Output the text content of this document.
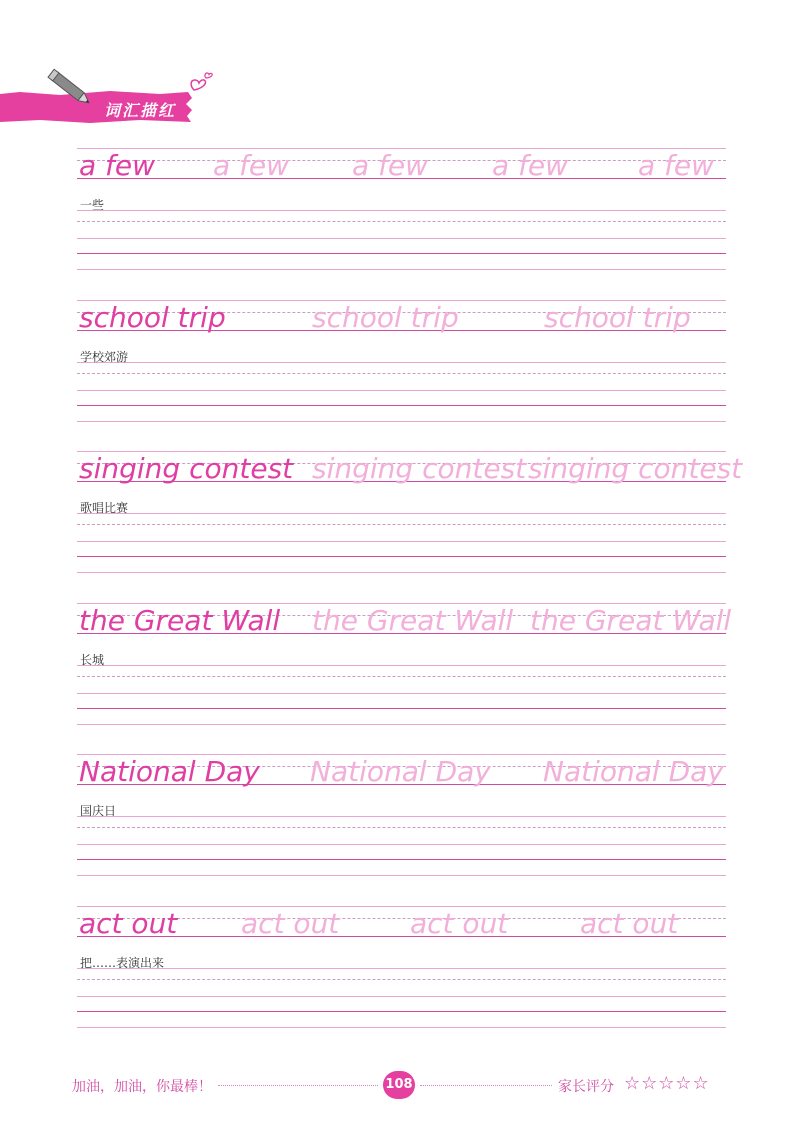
词汇描红
a few a few a few a few a few
一些
school trip	school trip	school trip
学校郊游
singing contest singing contest singing contest
歌唱比赛
the Great Wall the Great Wall the Great Wall
长城
National Day National Day National Day
国庆日
act out act out	act out	act out
把……表演出来
加油，加油，你最棒！	108	家长评分 ☆☆☆☆☆
